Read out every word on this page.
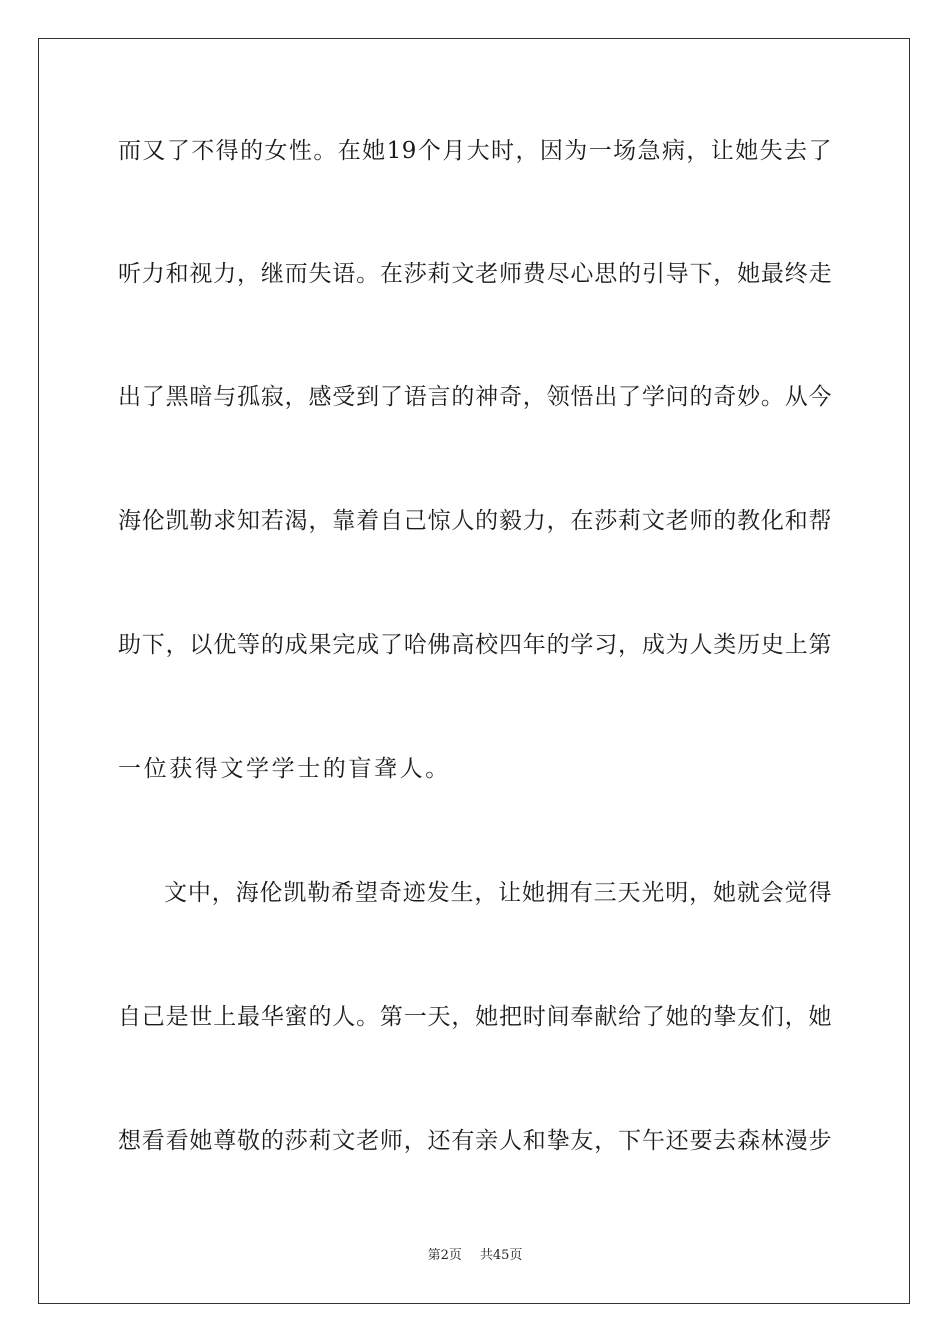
而又了不得的女性。在她19个月大时，因为一场急病，让她失去了
听力和视力，继而失语。在莎莉文老师费尽心思的引导下，她最终走
出了黑暗与孤寂，感受到了语言的神奇，领悟出了学问的奇妙。从今
海伦凯勒求知若渴，靠着自己惊人的毅力，在莎莉文老师的教化和帮
助下，以优等的成果完成了哈佛高校四年的学习，成为人类历史上第
一位获得文学学士的盲聋人。
文中，海伦凯勒希望奇迹发生，让她拥有三天光明，她就会觉得
自己是世上最华蜜的人。第一天，她把时间奉献给了她的挚友们，她
想看看她尊敬的莎莉文老师，还有亲人和挚友，下午还要去森林漫步
第2页 共45页
